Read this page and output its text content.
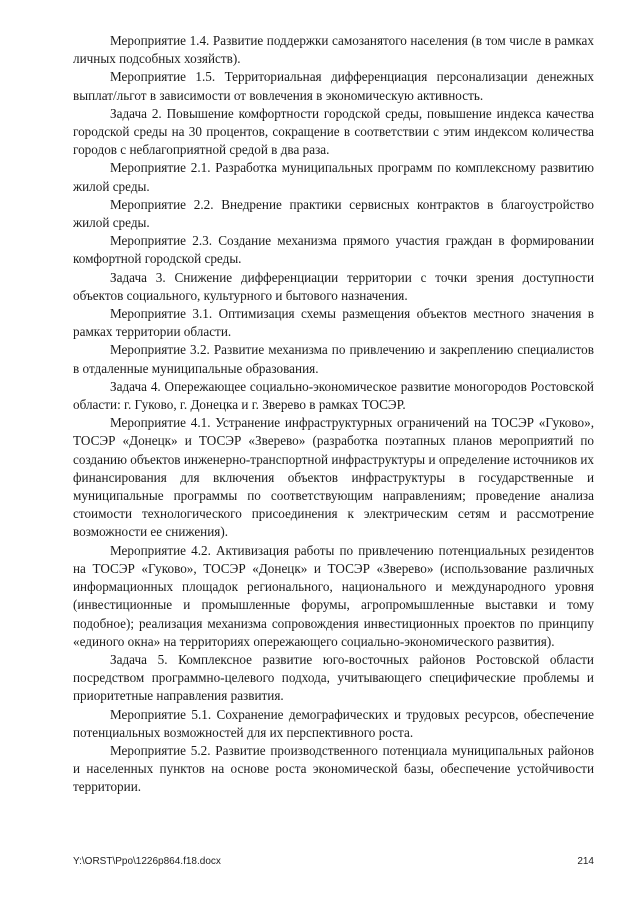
Мероприятие 1.4. Развитие поддержки самозанятого населения (в том числе в рамках личных подсобных хозяйств).

Мероприятие 1.5. Территориальная дифференциация персонализации денежных выплат/льгот в зависимости от вовлечения в экономическую активность.

Задача 2. Повышение комфортности городской среды, повышение индекса качества городской среды на 30 процентов, сокращение в соответствии с этим индексом количества городов с неблагоприятной средой в два раза.

Мероприятие 2.1. Разработка муниципальных программ по комплексному развитию жилой среды.

Мероприятие 2.2. Внедрение практики сервисных контрактов в благоустройство жилой среды.

Мероприятие 2.3. Создание механизма прямого участия граждан в формировании комфортной городской среды.

Задача 3. Снижение дифференциации территории с точки зрения доступности объектов социального, культурного и бытового назначения.

Мероприятие 3.1. Оптимизация схемы размещения объектов местного значения в рамках территории области.

Мероприятие 3.2. Развитие механизма по привлечению и закреплению специалистов в отдаленные муниципальные образования.

Задача 4. Опережающее социально-экономическое развитие моногородов Ростовской области: г. Гуково, г. Донецка и г. Зверево в рамках ТОСЭР.

Мероприятие 4.1. Устранение инфраструктурных ограничений на ТОСЭР «Гуково», ТОСЭР «Донецк» и ТОСЭР «Зверево» (разработка поэтапных планов мероприятий по созданию объектов инженерно-транспортной инфраструктуры и определение источников их финансирования для включения объектов инфраструктуры в государственные и муниципальные программы по соответствующим направлениям; проведение анализа стоимости технологического присоединения к электрическим сетям и рассмотрение возможности ее снижения).

Мероприятие 4.2. Активизация работы по привлечению потенциальных резидентов на ТОСЭР «Гуково», ТОСЭР «Донецк» и ТОСЭР «Зверево» (использование различных информационных площадок регионального, национального и международного уровня (инвестиционные и промышленные форумы, агропромышленные выставки и тому подобное); реализация механизма сопровождения инвестиционных проектов по принципу «единого окна» на территориях опережающего социально-экономического развития).

Задача 5. Комплексное развитие юго-восточных районов Ростовской области посредством программно-целевого подхода, учитывающего специфические проблемы и приоритетные направления развития.

Мероприятие 5.1. Сохранение демографических и трудовых ресурсов, обеспечение потенциальных возможностей для их перспективного роста.

Мероприятие 5.2. Развитие производственного потенциала муниципальных районов и населенных пунктов на основе роста экономической базы, обеспечение устойчивости территории.

Y:\ORST\Ppo\1226p864.f18.docx	214
